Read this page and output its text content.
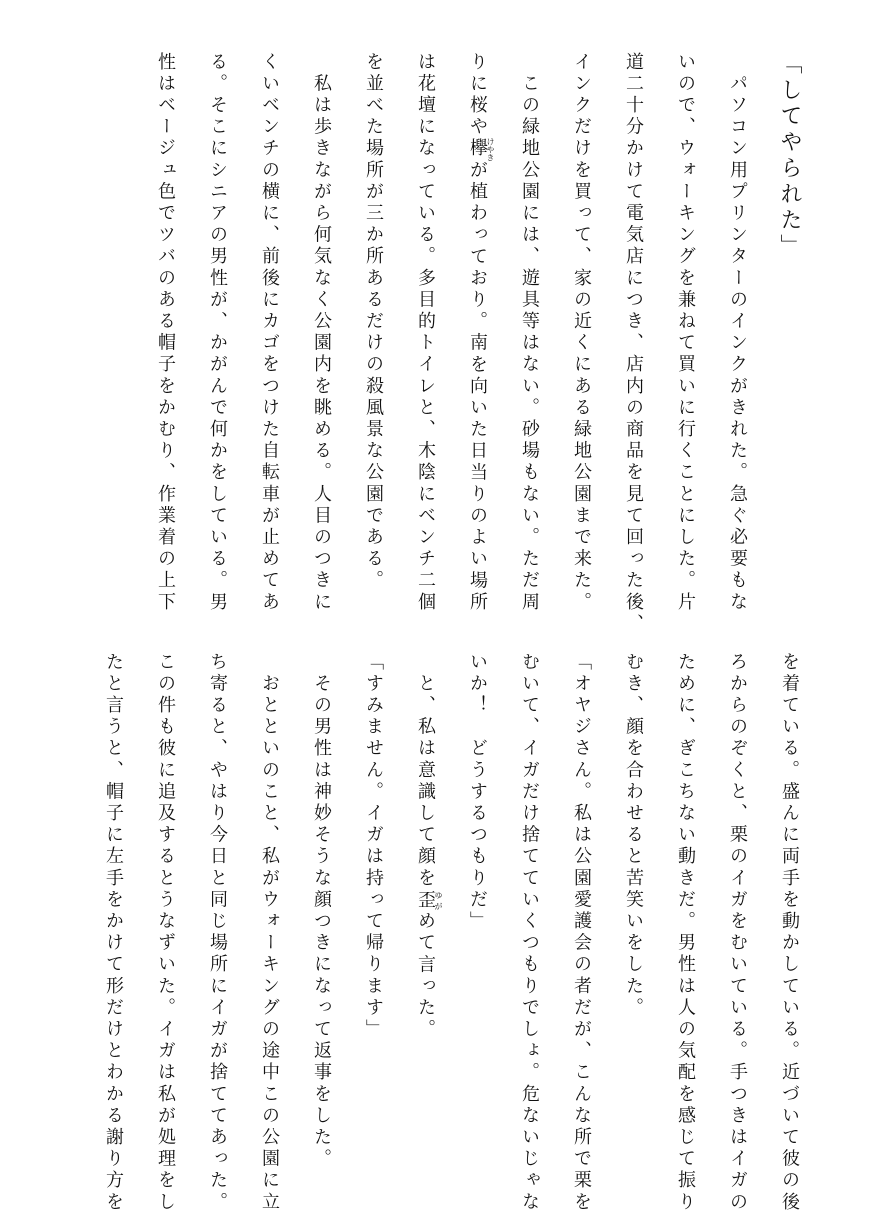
「してやられた」
　パソコン用プリンターのインクがきれた。急ぐ必要もな
いので、ウォーキングを兼ねて買いに行くことにした。片
道二十分かけて電気店につき、店内の商品を見て回った後、
インクだけを買って、家の近くにある緑地公園まで来た。
　この緑地公園には、遊具等はない。砂場もない。ただ周
りに桜や欅けやきが植わっており。南を向いた日当りのよい場所
は花壇になっている。多目的トイレと、木陰にベンチ二個
を並べた場所が三か所あるだけの殺風景な公園である。
　私は歩きながら何気なく公園内を眺める。人目のつきに
くいベンチの横に、前後にカゴをつけた自転車が止めてあ
る。そこにシニアの男性が、かがんで何かをしている。男
性はベージュ色でツバのある帽子をかむり、作業着の上下
を着ている。盛んに両手を動かしている。近づいて彼の後
ろからのぞくと、栗のイガをむいている。手つきはイガの
ために、ぎこちない動きだ。男性は人の気配を感じて振り
むき、顔を合わせると苦笑いをした。
「オヤジさん。私は公園愛護会の者だが、こんな所で栗を
むいて、イガだけ捨てていくつもりでしょ。危ないじゃな
いか！　どうするつもりだ」
　と、私は意識して顔を歪ゆがめて言った。
「すみません。イガは持って帰ります」
　その男性は神妙そうな顔つきになって返事をした。
　おとといのこと、私がウォーキングの途中この公園に立
ち寄ると、やはり今日と同じ場所にイガが捨ててあった。
この件も彼に追及するとうなずいた。イガは私が処理をし
たと言うと、帽子に左手をかけて形だけとわかる謝り方を
